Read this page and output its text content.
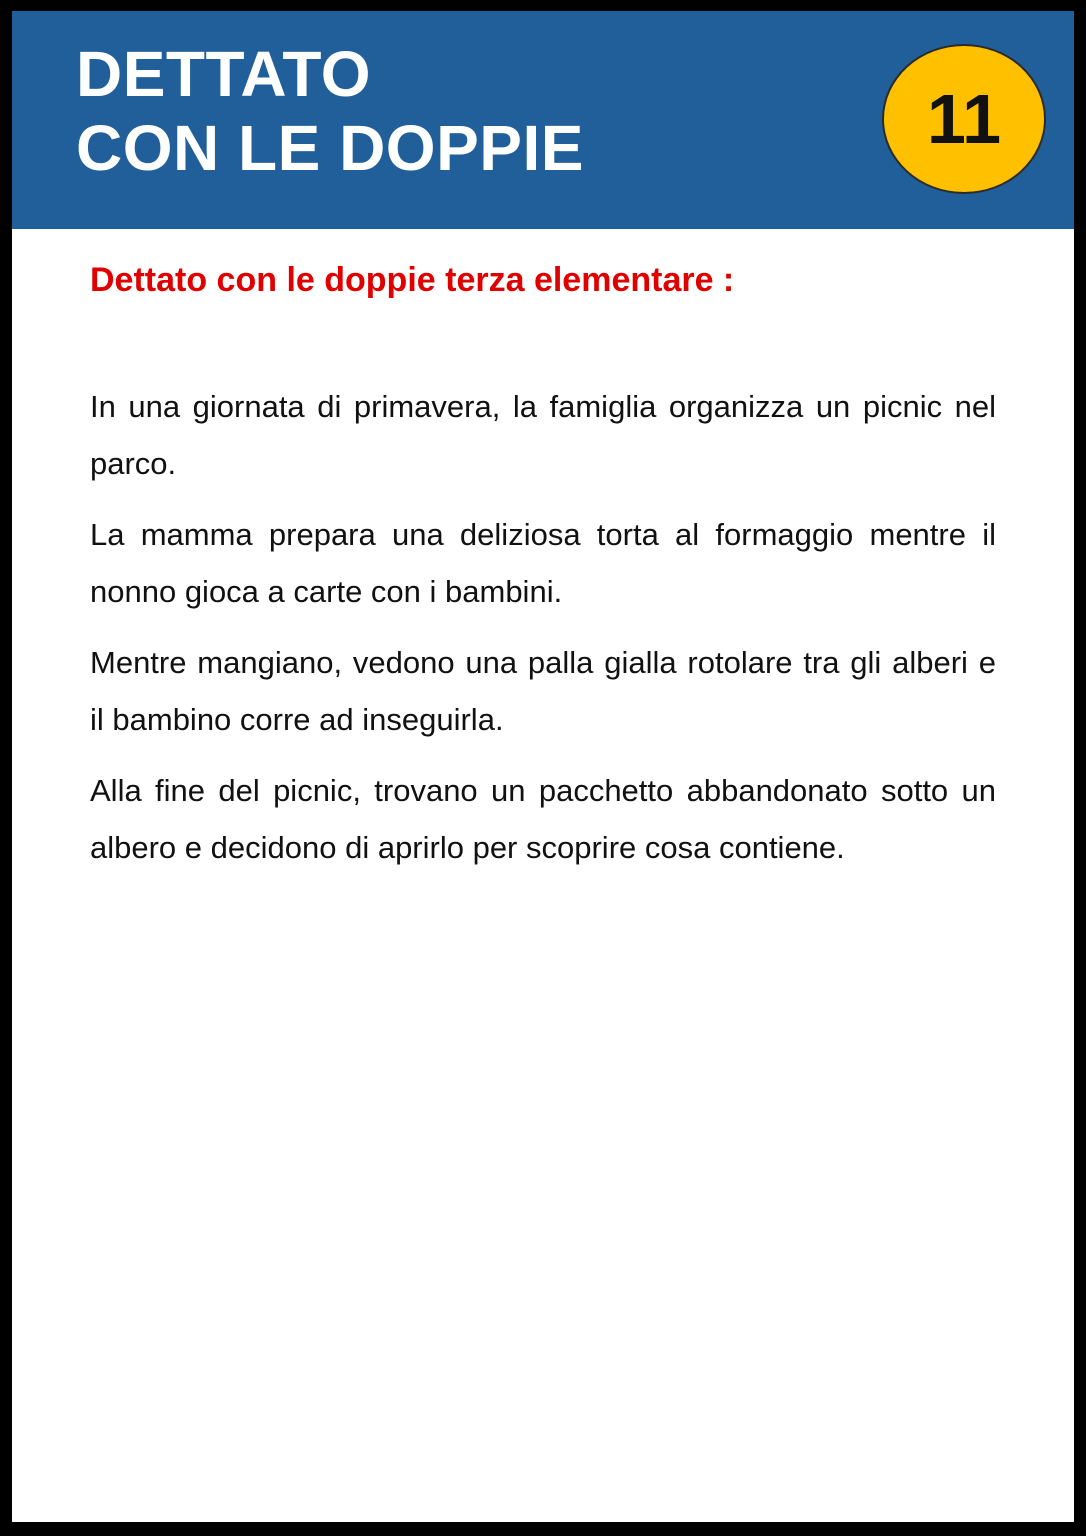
DETTATO
CON LE DOPPIE	11
Dettato con le doppie terza elementare :

In una giornata di primavera, la famiglia organizza un picnic nel parco.

La mamma prepara una deliziosa torta al formaggio mentre il nonno gioca a carte con i bambini.

Mentre mangiano, vedono una palla gialla rotolare tra gli alberi e il bambino corre ad inseguirla.

Alla fine del picnic, trovano un pacchetto abbandonato sotto un albero e decidono di aprirlo per scoprire cosa contiene.
